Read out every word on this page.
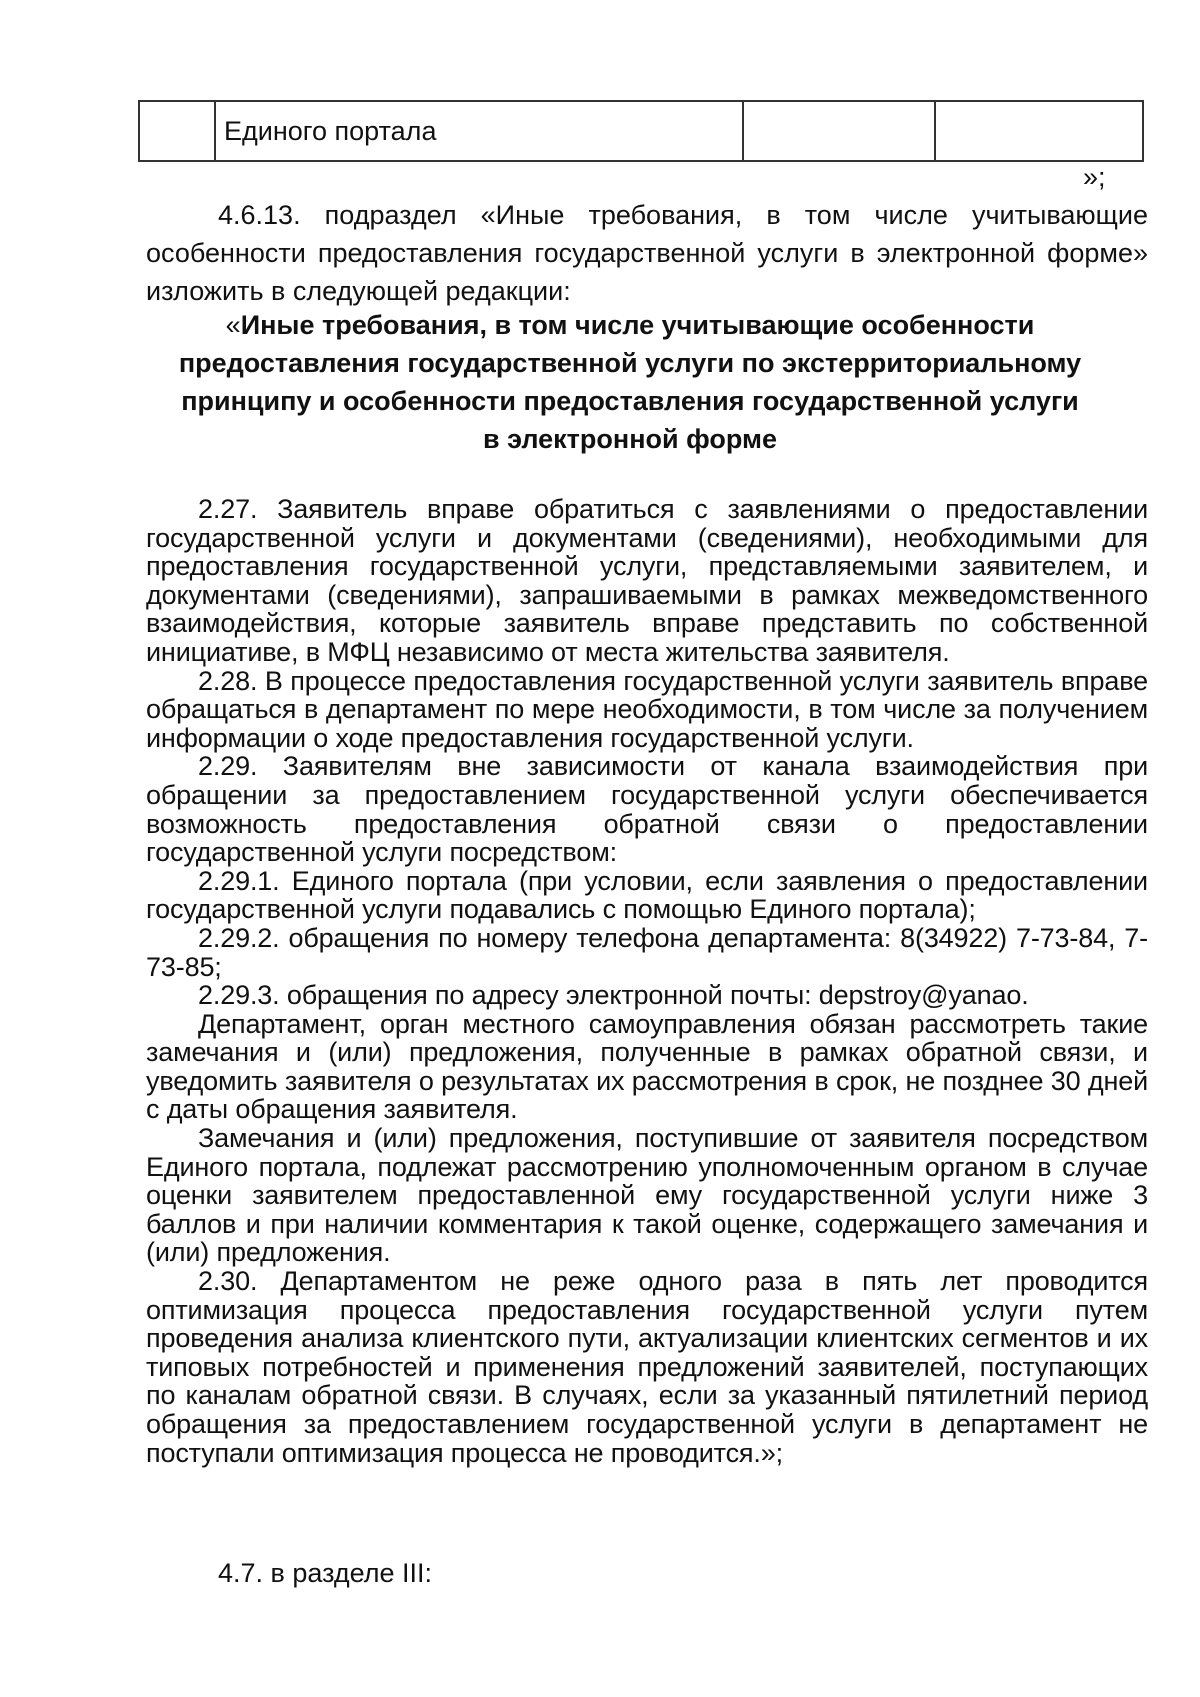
	Единого портала		
»;

4.6.13. подраздел «Иные требования, в том числе учитывающие особенности предоставления государственной услуги в электронной форме» изложить в следующей редакции:

«Иные требования, в том числе учитывающие особенности
предоставления государственной услуги по экстерриториальному
принципу и особенности предоставления государственной услуги
в электронной форме

2.27. Заявитель вправе обратиться с заявлениями о предоставлении государственной услуги и документами (сведениями), необходимыми для предоставления государственной услуги, представляемыми заявителем, и документами (сведениями), запрашиваемыми в рамках межведомственного взаимодействия, которые заявитель вправе представить по собственной инициативе, в МФЦ независимо от места жительства заявителя.

2.28. В процессе предоставления государственной услуги заявитель вправе обращаться в департамент по мере необходимости, в том числе за получением информации о ходе предоставления государственной услуги.

2.29. Заявителям вне зависимости от канала взаимодействия при обращении за предоставлением государственной услуги обеспечивается возможность предоставления обратной связи о предоставлении государственной услуги посредством:

2.29.1. Единого портала (при условии, если заявления о предоставлении государственной услуги подавались с помощью Единого портала);

2.29.2. обращения по номеру телефона департамента: 8(34922) 7-73-84, 7-73-85;

2.29.3. обращения по адресу электронной почты: depstroy@yanao.

Департамент, орган местного самоуправления обязан рассмотреть такие замечания и (или) предложения, полученные в рамках обратной связи, и уведомить заявителя о результатах их рассмотрения в срок, не позднее 30 дней с даты обращения заявителя.

Замечания и (или) предложения, поступившие от заявителя посредством Единого портала, подлежат рассмотрению уполномоченным органом в случае оценки заявителем предоставленной ему государственной услуги ниже 3 баллов и при наличии комментария к такой оценке, содержащего замечания и (или) предложения.

2.30. Департаментом не реже одного раза в пять лет проводится оптимизация процесса предоставления государственной услуги путем проведения анализа клиентского пути, актуализации клиентских сегментов и их типовых потребностей и применения предложений заявителей, поступающих по каналам обратной связи. В случаях, если за указанный пятилетний период обращения за предоставлением государственной услуги в департамент не поступали оптимизация процесса не проводится.»;

4.7. в разделе III:
